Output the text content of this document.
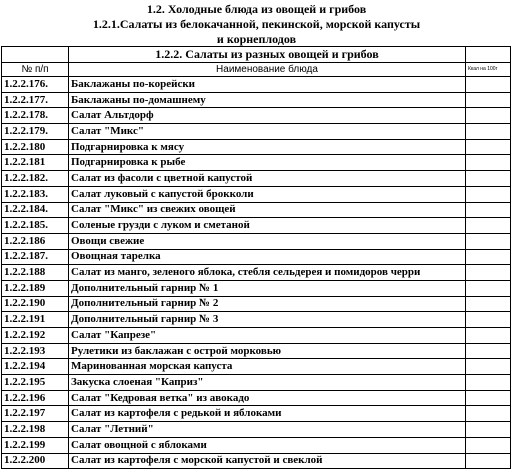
1.2. Холодные блюда из овощей и грибов
1.2.1.Салаты из белокачанной, пекинской, морской капусты
и корнеплодов
	1.2.2. Салаты из разных овощей и грибов	
№ п/п	Наименование блюда	Ккал на 100г
1.2.2.176.	Баклажаны по-корейски	
1.2.2.177.	Баклажаны по-домашнему	
1.2.2.178.	Салат Альтдорф	
1.2.2.179.	Салат "Микс"	
1.2.2.180	Подгарнировка к мясу	
1.2.2.181	Подгарнировка к рыбе	
1.2.2.182.	Салат из фасоли с цветной капустой	
1.2.2.183.	Салат луковый с капустой брокколи	
1.2.2.184.	Салат "Микс" из свежих овощей	
1.2.2.185.	Соленые грузди с луком и сметаной	
1.2.2.186	Овощи свежие	
1.2.2.187.	Овощная тарелка	
1.2.2.188	Салат из манго, зеленого яблока, стебля сельдерея и помидоров черри	
1.2.2.189	Дополнительный гарнир № 1	
1.2.2.190	Дополнительный гарнир № 2	
1.2.2.191	Дополнительный гарнир № 3	
1.2.2.192	Салат "Капрезе"	
1.2.2.193	Рулетики из баклажан с острой морковью	
1.2.2.194	Маринованная морская капуста	
1.2.2.195	Закуска слоеная "Каприз"	
1.2.2.196	Салат "Кедровая ветка" из авокадо	
1.2.2.197	Салат из картофеля с редькой и яблоками	
1.2.2.198	Салат "Летний"	
1.2.2.199	Салат овощной с яблоками	
1.2.2.200	Салат из картофеля с морской капустой и свеклой	
